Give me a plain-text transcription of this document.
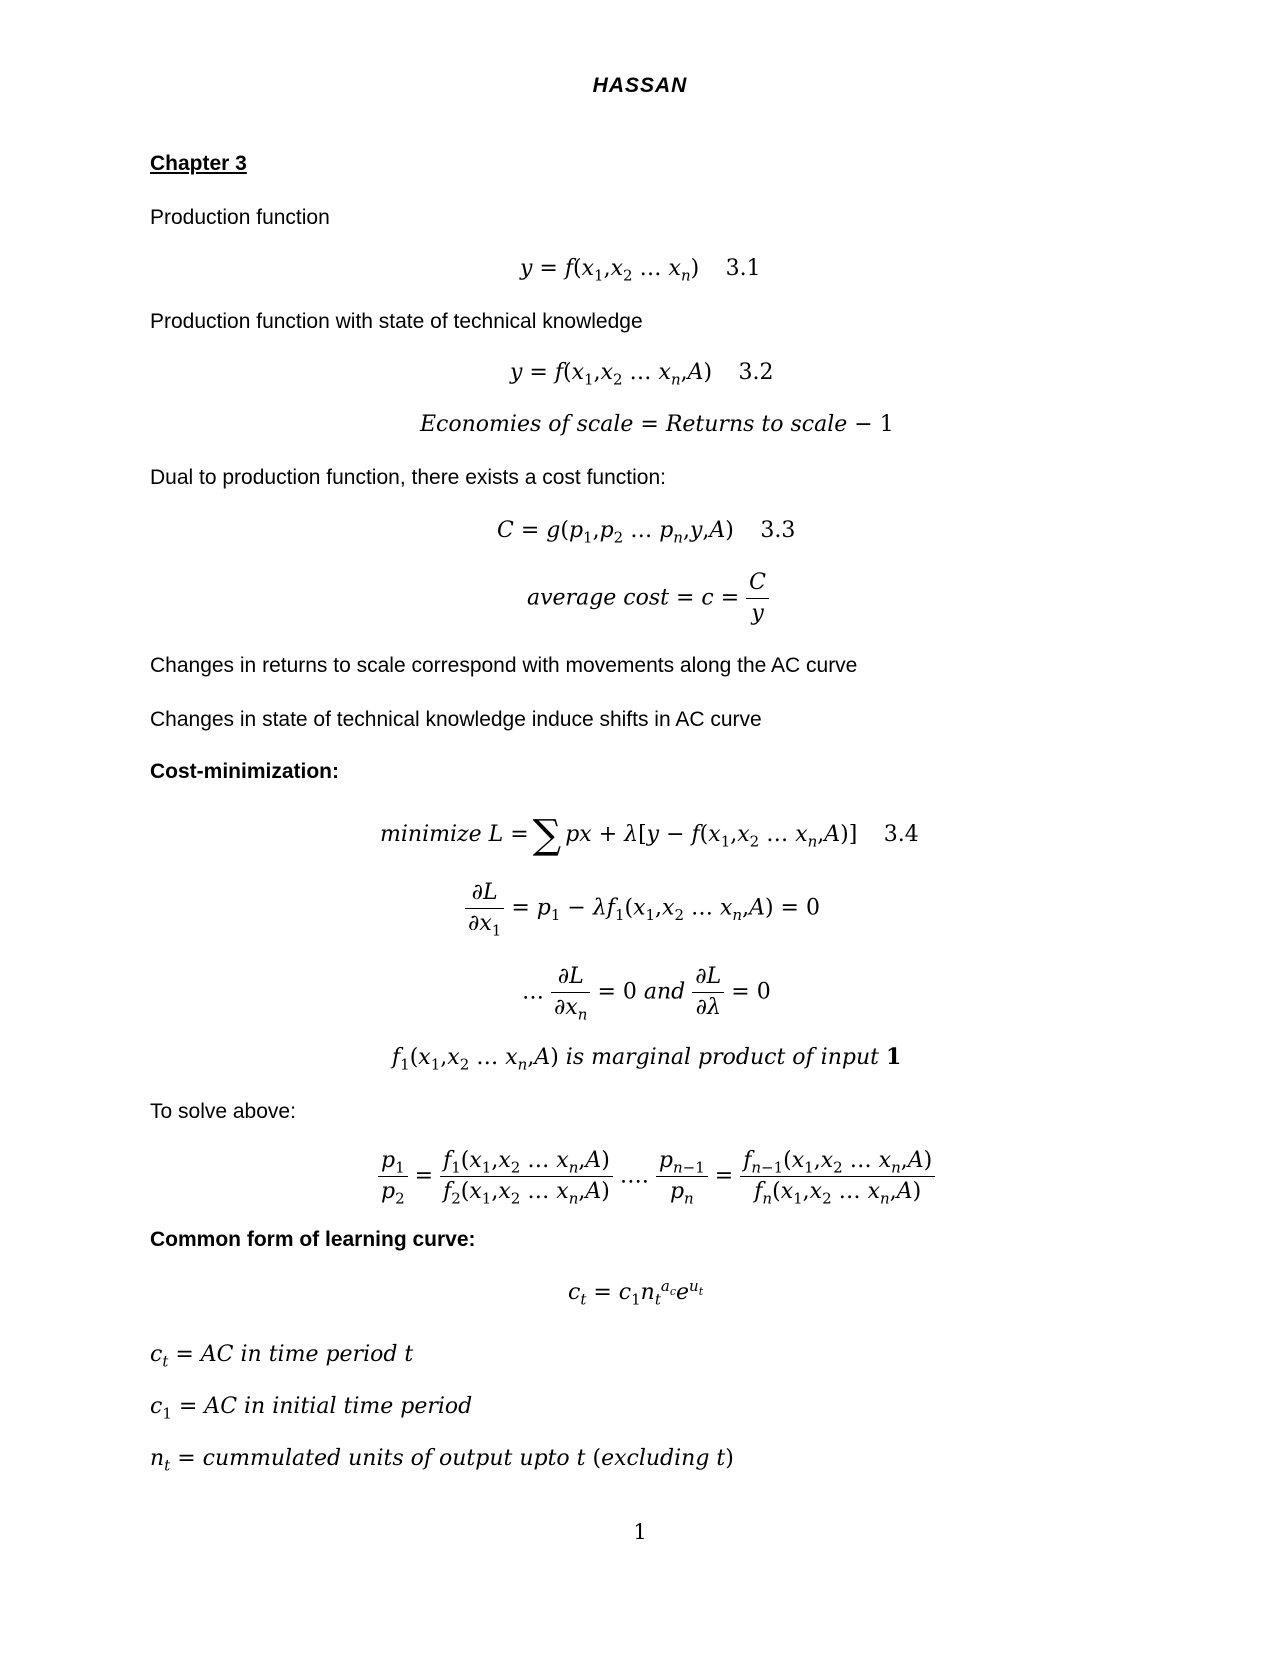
HASSAN
Chapter 3
Production function
$y = f(x_1,x_2$ … $x_n$) 3.1
Production function with state of technical knowledge
$y = f(x_1,x_2$ … $x_n,A$) 3.2
Economies of scale = Returns to scale − 1
Dual to production function, there exists a cost function:
$C = g(p_1,p_2$ … $p_n,y,A$) 3.3
average $\cos t = c = \frac{C}{y}$
Changes in returns to scale correspond with movements along the AC curve
Changes in state of technical knowledge induce shifts in AC curve
Cost-minimization:
minimize L = ∑ px + $\lambda[y - f(x_1,x_2$ … $x_n,A$)] 3.4
$\frac{\partial L}{\partial x_1} = p_1 - \lambda f_1(x_1,x_2$ … $x_n,A) = 0$
… $\frac{\partial L}{\partial x_n} = 0$ and $\frac{\partial L}{\partial\lambda} = 0$
$f_1(x_1,x_2$ … $x_n,A$) is marginal product of input 1
To solve above:
$\frac{p_1}{p_2} = \frac{f_1(x_1,x_2 \dots x_n,A)}{f_2(x_1,x_2 \dots x_n,A)}$ …. $\frac{p_{n-1}}{p_n} = \frac{f_{n-1}(x_1,x_2 \dots x_n,A)}{f_n(x_1,x_2 \dots x_n,A)}$
Common form of learning curve:
$c_t = c_1n_t^{a_c}e^{u_t}$
$c_t$ = AC in time period t
$c_1$ = AC in initial time period
$n_t$ = cummulated units of output upto t (excluding t)
1
